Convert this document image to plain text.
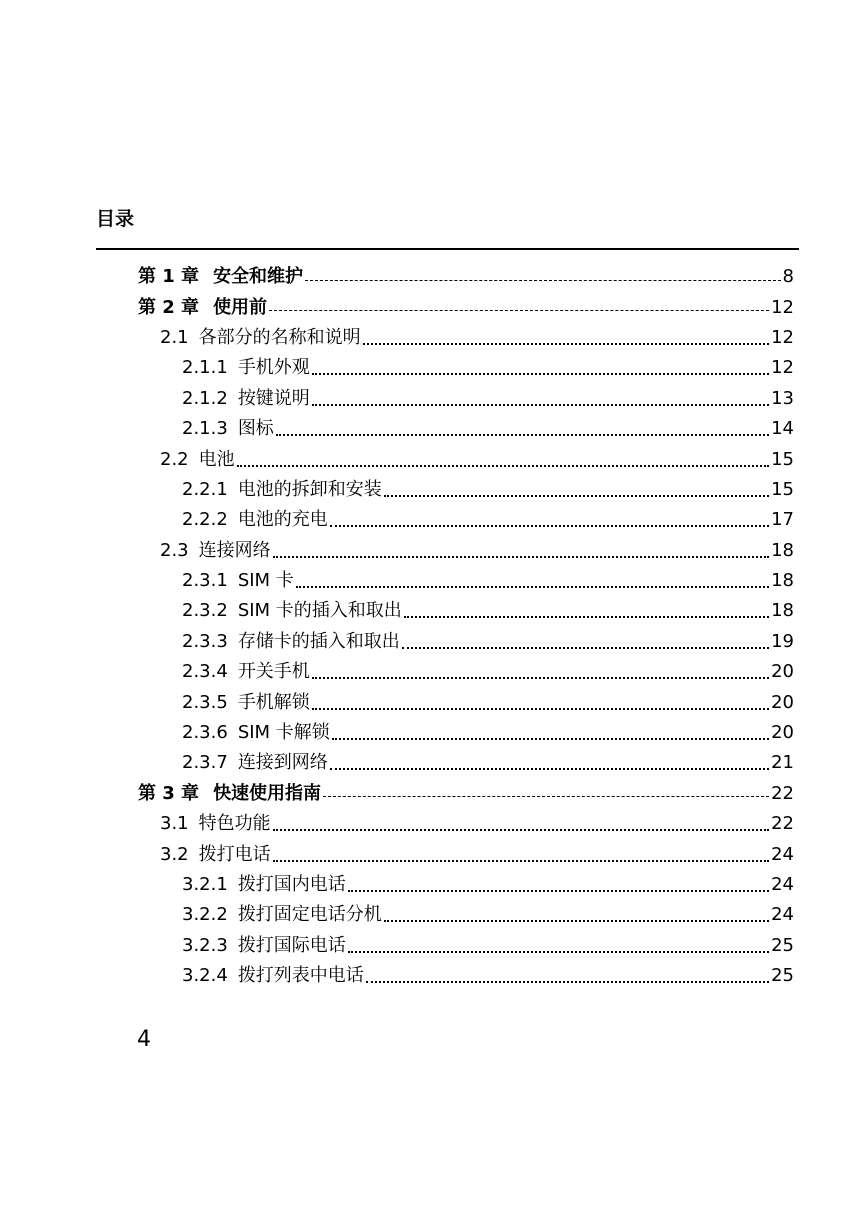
目录
第 1 章 安全和维护	8
第 2 章 使用前	12
2.1 各部分的名称和说明	12
2.1.1 手机外观	12
2.1.2 按键说明	13
2.1.3 图标	14
2.2 电池	15
2.2.1 电池的拆卸和安装	15
2.2.2 电池的充电	17
2.3 连接网络	18
2.3.1 SIM 卡	18
2.3.2 SIM 卡的插入和取出	18
2.3.3 存储卡的插入和取出	19
2.3.4 开关手机	20
2.3.5 手机解锁	20
2.3.6 SIM 卡解锁	20
2.3.7 连接到网络	21
第 3 章 快速使用指南	22
3.1 特色功能	22
3.2 拨打电话	24
3.2.1 拨打国内电话	24
3.2.2 拨打固定电话分机	24
3.2.3 拨打国际电话	25
3.2.4 拨打列表中电话	25
4
